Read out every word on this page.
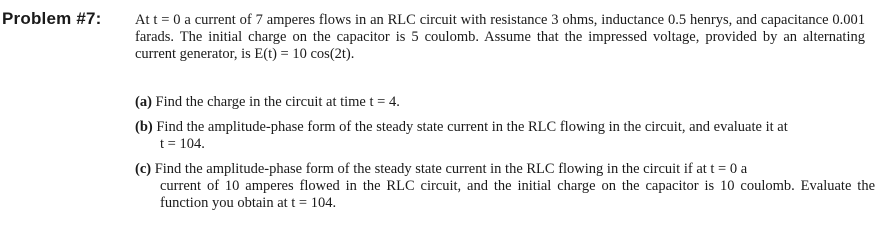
Problem #7: At t = 0 a current of 7 amperes flows in an RLC circuit with resistance 3 ohms, inductance 0.5 henrys, and capacitance 0.001 farads. The initial charge on the capacitor is 5 coulomb. Assume that the impressed voltage, provided by an alternating current generator, is E(t) = 10 cos(2t).
(a) Find the charge in the circuit at time t = 4.
(b) Find the amplitude-phase form of the steady state current in the RLC flowing in the circuit, and evaluate it at
t = 104.
(c) Find the amplitude-phase form of the steady state current in the RLC flowing in the circuit if at t = 0 a
current of 10 amperes flowed in the RLC circuit, and the initial charge on the capacitor is 10 coulomb. Evaluate the function you obtain at t = 104.
